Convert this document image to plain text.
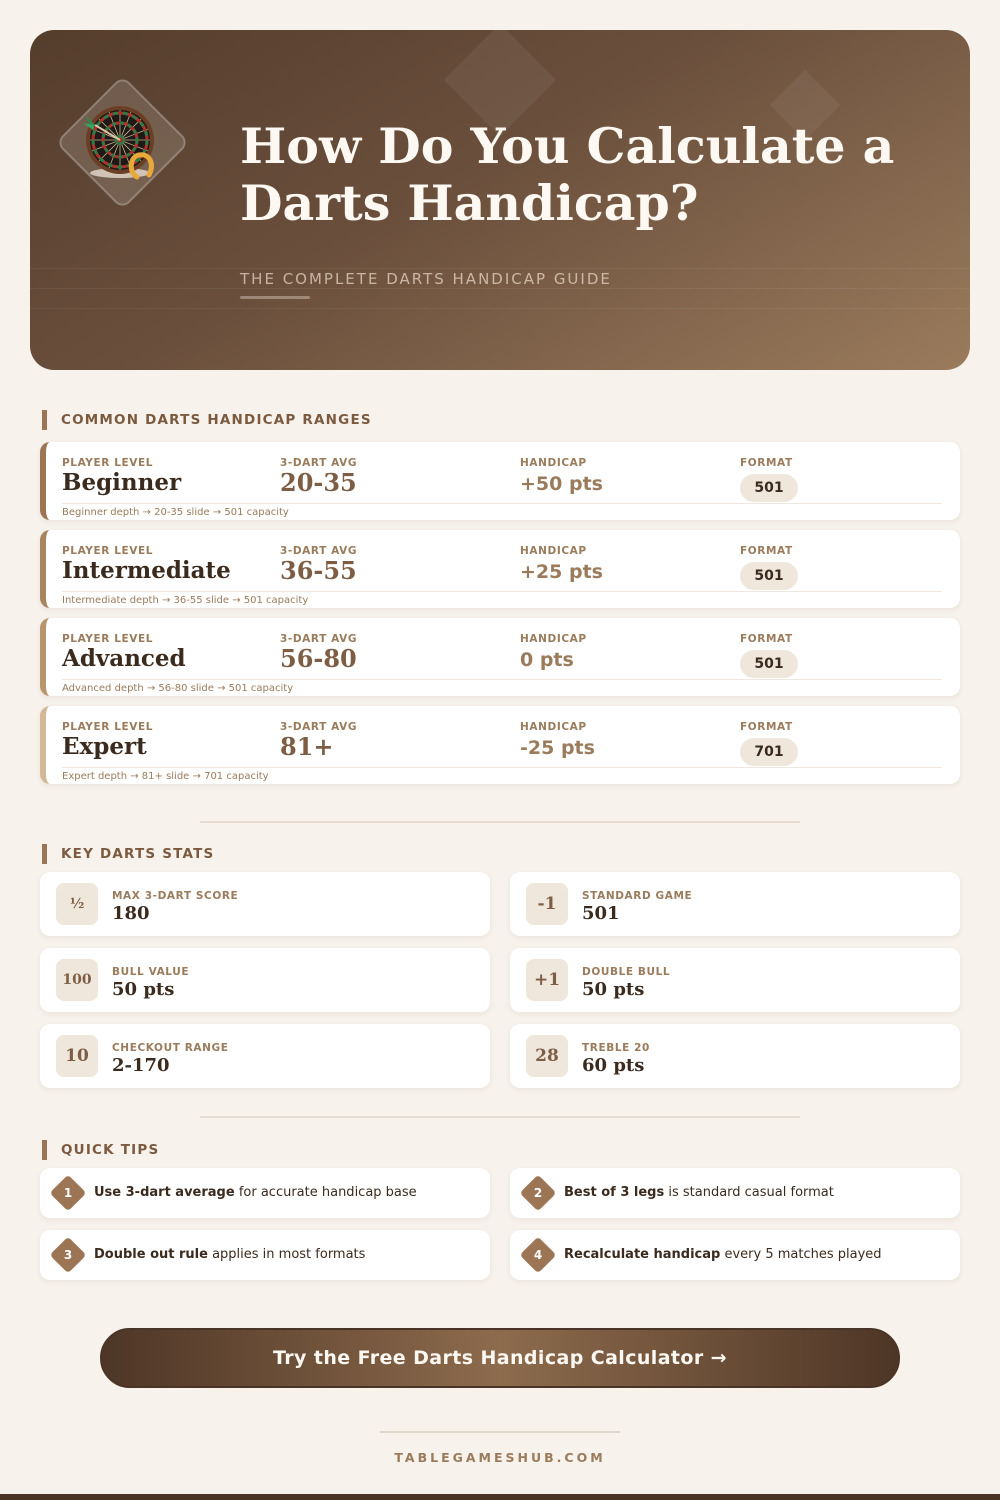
How Do You Calculate a Darts Handicap?
THE COMPLETE DARTS HANDICAP GUIDE
COMMON DARTS HANDICAP RANGES
PLAYER LEVEL	3-DART AVG	HANDICAP	FORMAT
Beginner	20-35	+50 pts	501
Beginner depth → 20-35 slide → 501 capacity
PLAYER LEVEL	3-DART AVG	HANDICAP	FORMAT
Intermediate 36-55	+25 pts	501
Intermediate depth → 36-55 slide → 501 capacity
PLAYER LEVEL	3-DART AVG	HANDICAP	FORMAT
Advanced	56-80	0 pts	501
Advanced depth → 56-80 slide → 501 capacity
PLAYER LEVEL	3-DART AVG	HANDICAP	FORMAT
Expert	81+	-25 pts	701
Expert depth → 81+ slide → 701 capacity
KEY DARTS STATS
½	MAX 3-DART SCORE
180	-1	STANDARD GAME
501
100	BULL VALUE
50 pts	+1	DOUBLE BULL
50 pts
10	CHECKOUT RANGE
2-170	28	TREBLE 20
60 pts
QUICK TIPS
1	Use 3-dart average for accurate handicap base	2	Best of 3 legs is standard casual format
3	Double out rule applies in most formats	4	Recalculate handicap every 5 matches played
Try the Free Darts Handicap Calculator →
TABLEGAMESHUB.COM
